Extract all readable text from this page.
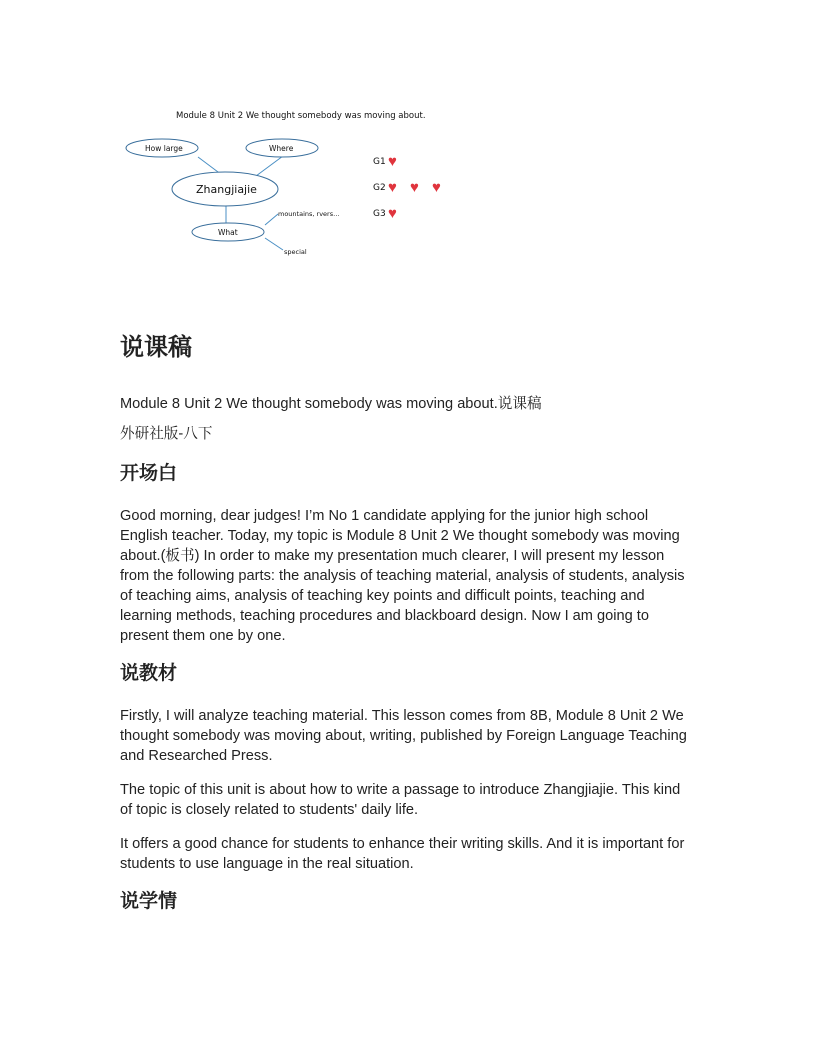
Module 8 Unit 2 We thought somebody was moving about.
How large	Where
Zhangjiajie
What
mountains, rvers…
special
G1 ♥
G2 ♥ ♥ ♥
G3 ♥
说课稿

Module 8 Unit 2 We thought somebody was moving about.说课稿

外研社版-八下

开场白

Good morning, dear judges! I’m No 1 candidate applying for the junior high school English teacher. Today, my topic is Module 8 Unit 2 We thought somebody was moving about.(板书) In order to make my presentation much clearer, I will present my lesson from the following parts: the analysis of teaching material, analysis of students, analysis of teaching aims, analysis of teaching key points and difficult points, teaching and learning methods, teaching procedures and blackboard design. Now I am going to present them one by one.

说教材

Firstly, I will analyze teaching material. This lesson comes from 8B, Module 8 Unit 2 We thought somebody was moving about, writing, published by Foreign Language Teaching and Researched Press.

The topic of this unit is about how to write a passage to introduce Zhangjiajie. This kind of topic is closely related to students' daily life.

It offers a good chance for students to enhance their writing skills. And it is important for students to use language in the real situation.

说学情
